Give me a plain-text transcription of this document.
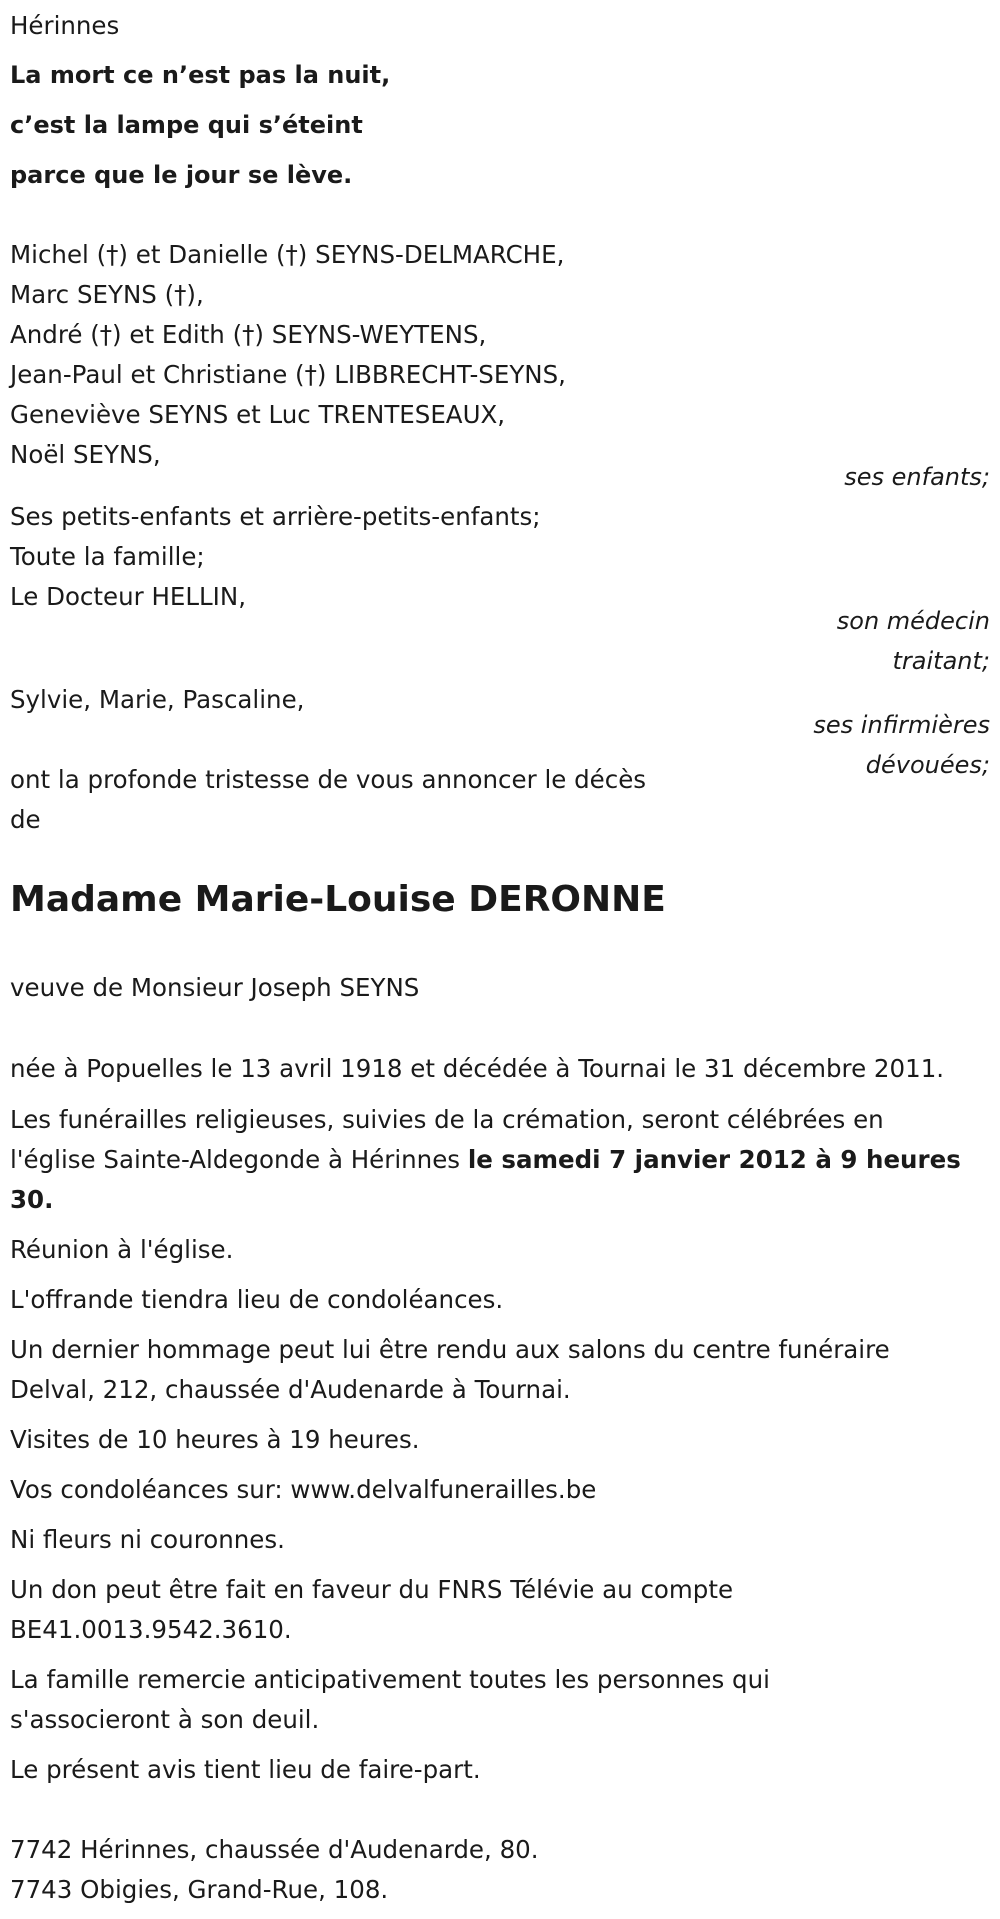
Hérinnes
La mort ce n’est pas la nuit,
c’est la lampe qui s’éteint
parce que le jour se lève.
Michel (†) et Danielle (†) SEYNS-DELMARCHE,
Marc SEYNS (†),
André (†) et Edith (†) SEYNS-WEYTENS,
Jean-Paul et Christiane (†) LIBBRECHT-SEYNS,
Geneviève SEYNS et Luc TRENTESEAUX,
Noël SEYNS,
ses enfants;
Ses petits-enfants et arrière-petits-enfants;
Toute la famille;
Le Docteur HELLIN,
son médecin
traitant;
Sylvie, Marie, Pascaline,
ses infirmières
dévouées;
ont la profonde tristesse de vous annoncer le décès
de
Madame Marie-Louise DERONNE
veuve de Monsieur Joseph SEYNS
née à Popuelles le 13 avril 1918 et décédée à Tournai le 31 décembre 2011.
Les funérailles religieuses, suivies de la crémation, seront célébrées en
l'église Sainte-Aldegonde à Hérinnes le samedi 7 janvier 2012 à 9 heures
30.
Réunion à l'église.
L'offrande tiendra lieu de condoléances.
Un dernier hommage peut lui être rendu aux salons du centre funéraire
Delval, 212, chaussée d'Audenarde à Tournai.
Visites de 10 heures à 19 heures.
Vos condoléances sur: www.delvalfunerailles.be
Ni fleurs ni couronnes.
Un don peut être fait en faveur du FNRS Télévie au compte
BE41.0013.9542.3610.
La famille remercie anticipativement toutes les personnes qui
s'associeront à son deuil.
Le présent avis tient lieu de faire-part.
7742 Hérinnes, chaussée d'Audenarde, 80.
7743 Obigies, Grand-Rue, 108.
